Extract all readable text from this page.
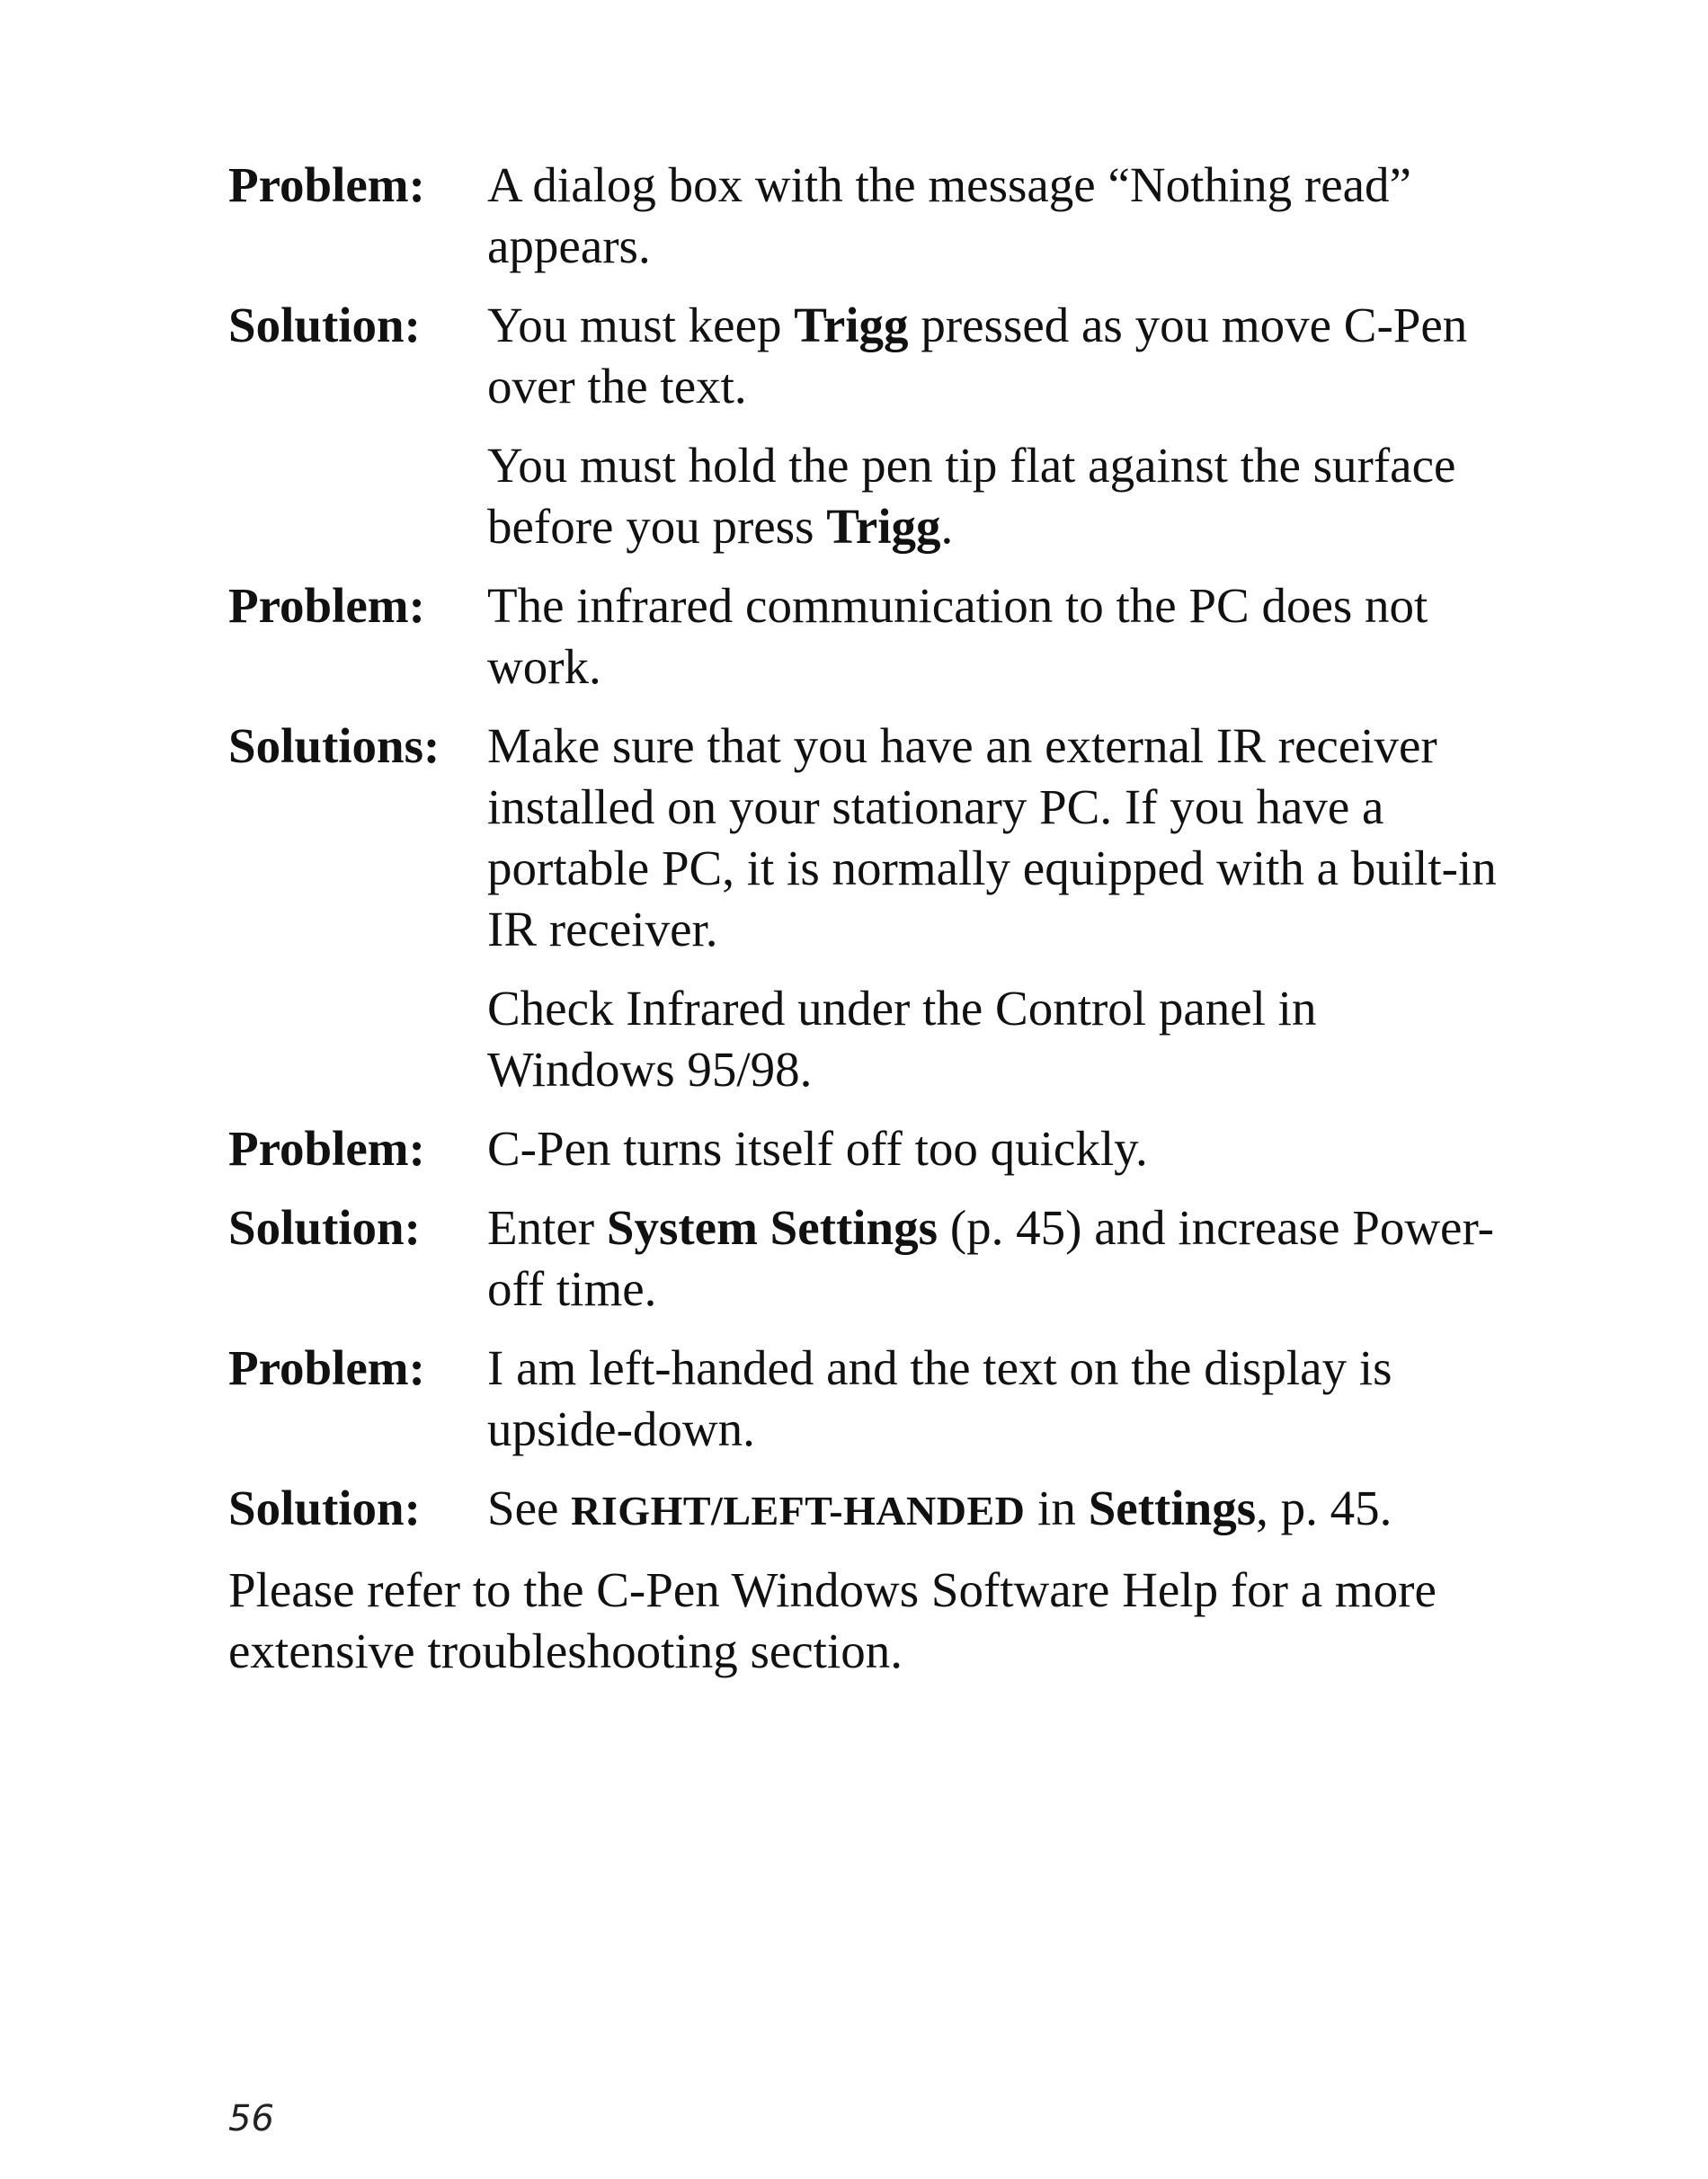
Problem:	A dialog box with the message “Nothing read” appears.
Solution:	You must keep Trigg pressed as you move C-Pen over the text.
You must hold the pen tip flat against the surface before you press Trigg.
Problem:	The infrared communication to the PC does not work.
Solutions: Make sure that you have an external IR receiver installed on your stationary PC. If you have a portable PC, it is normally equipped with a built-in IR receiver.
Check Infrared under the Control panel in Windows 95/98.
Problem:	C-Pen turns itself off too quickly.
Solution:	Enter System Settings (p. 45) and increase Power-off time.
Problem:	I am left-handed and the text on the display is upside-down.
Solution:	See RIGHT/LEFT-HANDED in Settings, p. 45.
Please refer to the C-Pen Windows Software Help for a more extensive troubleshooting section.
56
